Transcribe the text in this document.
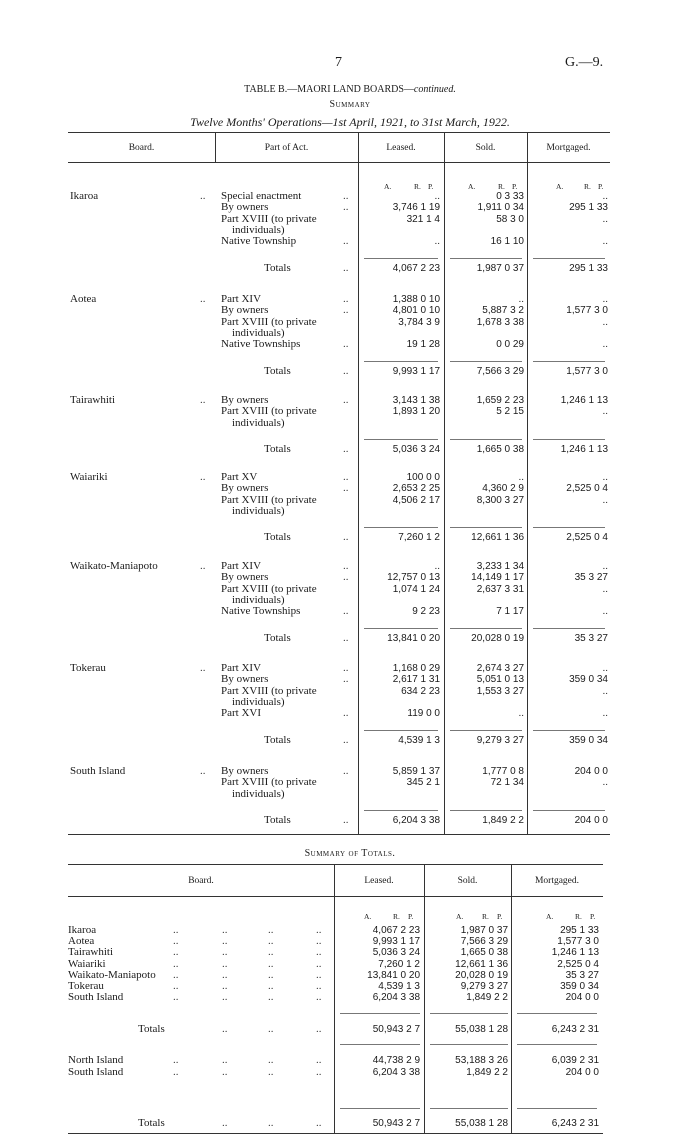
7	G.—9.
TABLE B.—MAORI LAND BOARDS—continued.
Summary
Twelve Months' Operations—1st April, 1921, to 31st March, 1922.
Board.	Part of Act.	Leased.	Sold.	Mortgaged.
A.	R. P.	A.	R. P.	A.	R. P.
Ikaroa	.. Special enactment	..	..	0 3 33	..
By owners	..	3,746 1 19	1,911 0 34	295 1 33
Part XVIII (to private	321 1 4	58 3 0	..
individuals)
Native Township	..	..	16 1 10	..
Totals	..	4,067 2 23	1,987 0 37	295 1 33
Aotea	.. Part XIV	..	1,388 0 10	..	..
By owners	..	4,801 0 10	5,887 3 2	1,577 3 0
Part XVIII (to private	3,784 3 9	1,678 3 38	..
individuals)
Native Townships	..	19 1 28	0 0 29	..
Totals	..	9,993 1 17	7,566 3 29	1,577 3 0
Tairawhiti	.. By owners	..	3,143 1 38	1,659 2 23	1,246 1 13
Part XVIII (to private	1,893 1 20	5 2 15	..
individuals)
Totals	..	5,036 3 24	1,665 0 38	1,246 1 13
Waiariki	.. Part XV	..	100 0 0	..	..
By owners	..	2,653 2 25	4,360 2 9	2,525 0 4
Part XVIII (to private	4,506 2 17	8,300 3 27	..
individuals)
Totals	..	7,260 1 2	12,661 1 36	2,525 0 4
Waikato-Maniapoto	.. Part XIV	..	..	3,233 1 34	..
By owners	..	12,757 0 13	14,149 1 17	35 3 27
Part XVIII (to private	1,074 1 24	2,637 3 31	..
individuals)
Native Townships	..	9 2 23	7 1 17	..
Totals	..	13,841 0 20	20,028 0 19	35 3 27
Tokerau	.. Part XIV	..	1,168 0 29	2,674 3 27	..
By owners	..	2,617 1 31	5,051 0 13	359 0 34
Part XVIII (to private	634 2 23	1,553 3 27	..
individuals)
Part XVI	..	119 0 0	..	..
Totals	..	4,539 1 3	9,279 3 27	359 0 34
South Island	.. By owners	..	5,859 1 37	1,777 0 8	204 0 0
Part XVIII (to private	345 2 1	72 1 34	..
individuals)
Totals	..	6,204 3 38	1,849 2 2	204 0 0
Summary of Totals.
Board.	Leased.	Sold.	Mortgaged.
A.	R. P.	A. R. P.	A.	R. P.
Ikaroa	..	..	..	..	4,067 2 23	1,987 0 37	295 1 33
Aotea	..	..	..	..	9,993 1 17	7,566 3 29	1,577 3 0
Tairawhiti	..	..	..	..	5,036 3 24	1,665 0 38	1,246 1 13
Waiariki	..	..	..	..	7,260 1 2	12,661 1 36	2,525 0 4
Waikato-Maniapoto ..	..	..	..	13,841 0 20	20,028 0 19	35 3 27
Tokerau	..	..	..	..	4,539 1 3	9,279 3 27	359 0 34
South Island	..	..	..	..	6,204 3 38	1,849 2 2	204 0 0
Totals	..	..	..	50,943 2 7	55,038 1 28	6,243 2 31
North Island	..	..	..	..	44,738 2 9	53,188 3 26	6,039 2 31
South Island	..	..	..	..	6,204 3 38	1,849 2 2	204 0 0
Totals	..	..	..	50,943 2 7	55,038 1 28	6,243 2 31
